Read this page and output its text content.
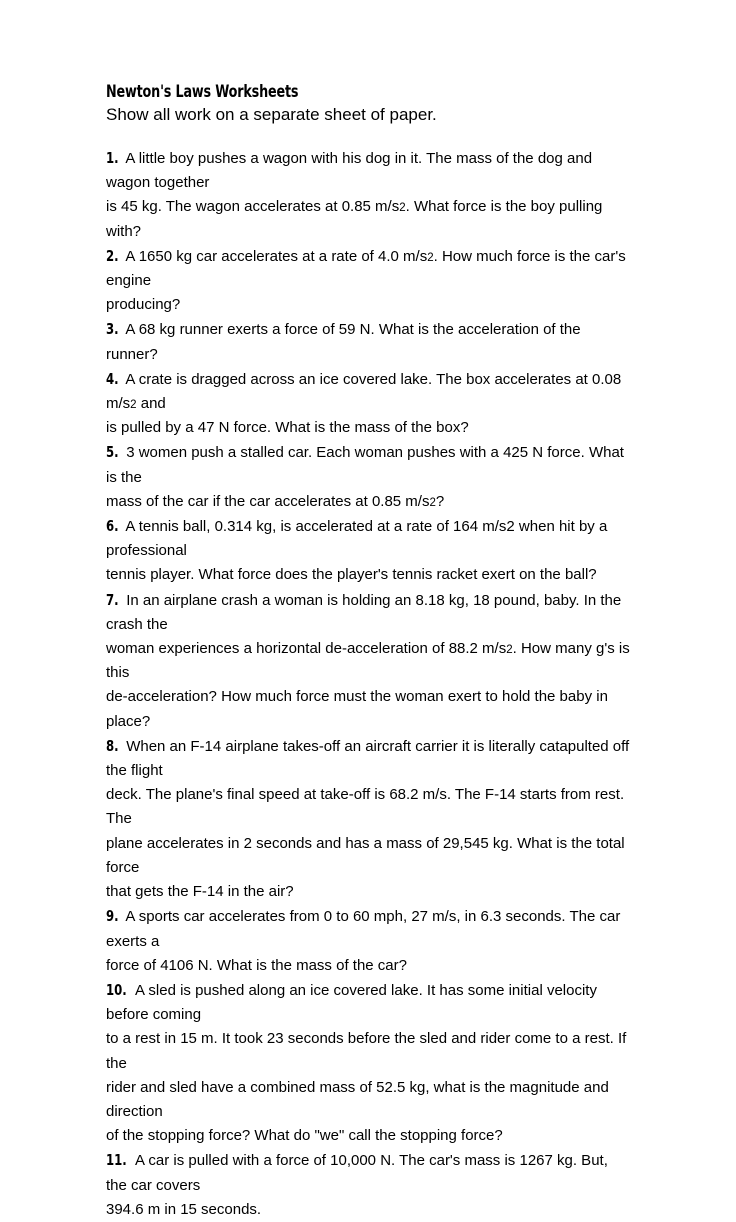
Newton's Laws Worksheets

Show all work on a separate sheet of paper.

1. A little boy pushes a wagon with his dog in it. The mass of the dog and wagon together
is 45 kg. The wagon accelerates at 0.85 m/s2. What force is the boy pulling with?
2. A 1650 kg car accelerates at a rate of 4.0 m/s2. How much force is the car's engine
producing?
3. A 68 kg runner exerts a force of 59 N. What is the acceleration of the runner?
4. A crate is dragged across an ice covered lake. The box accelerates at 0.08 m/s2 and
is pulled by a 47 N force. What is the mass of the box?
5. 3 women push a stalled car. Each woman pushes with a 425 N force. What is the
mass of the car if the car accelerates at 0.85 m/s2?
6. A tennis ball, 0.314 kg, is accelerated at a rate of 164 m/s2 when hit by a professional
tennis player. What force does the player's tennis racket exert on the ball?
7. In an airplane crash a woman is holding an 8.18 kg, 18 pound, baby. In the crash the
woman experiences a horizontal de-acceleration of 88.2 m/s2. How many g's is this
de-acceleration? How much force must the woman exert to hold the baby in place?
8. When an F-14 airplane takes-off an aircraft carrier it is literally catapulted off the flight
deck. The plane's final speed at take-off is 68.2 m/s. The F-14 starts from rest. The
plane accelerates in 2 seconds and has a mass of 29,545 kg. What is the total force
that gets the F-14 in the air?
9. A sports car accelerates from 0 to 60 mph, 27 m/s, in 6.3 seconds. The car exerts a
force of 4106 N. What is the mass of the car?
10. A sled is pushed along an ice covered lake. It has some initial velocity before coming
to a rest in 15 m. It took 23 seconds before the sled and rider come to a rest. If the
rider and sled have a combined mass of 52.5 kg, what is the magnitude and direction
of the stopping force? What do "we" call the stopping force?
11. A car is pulled with a force of 10,000 N. The car's mass is 1267 kg. But, the car covers
394.6 m in 15 seconds.
